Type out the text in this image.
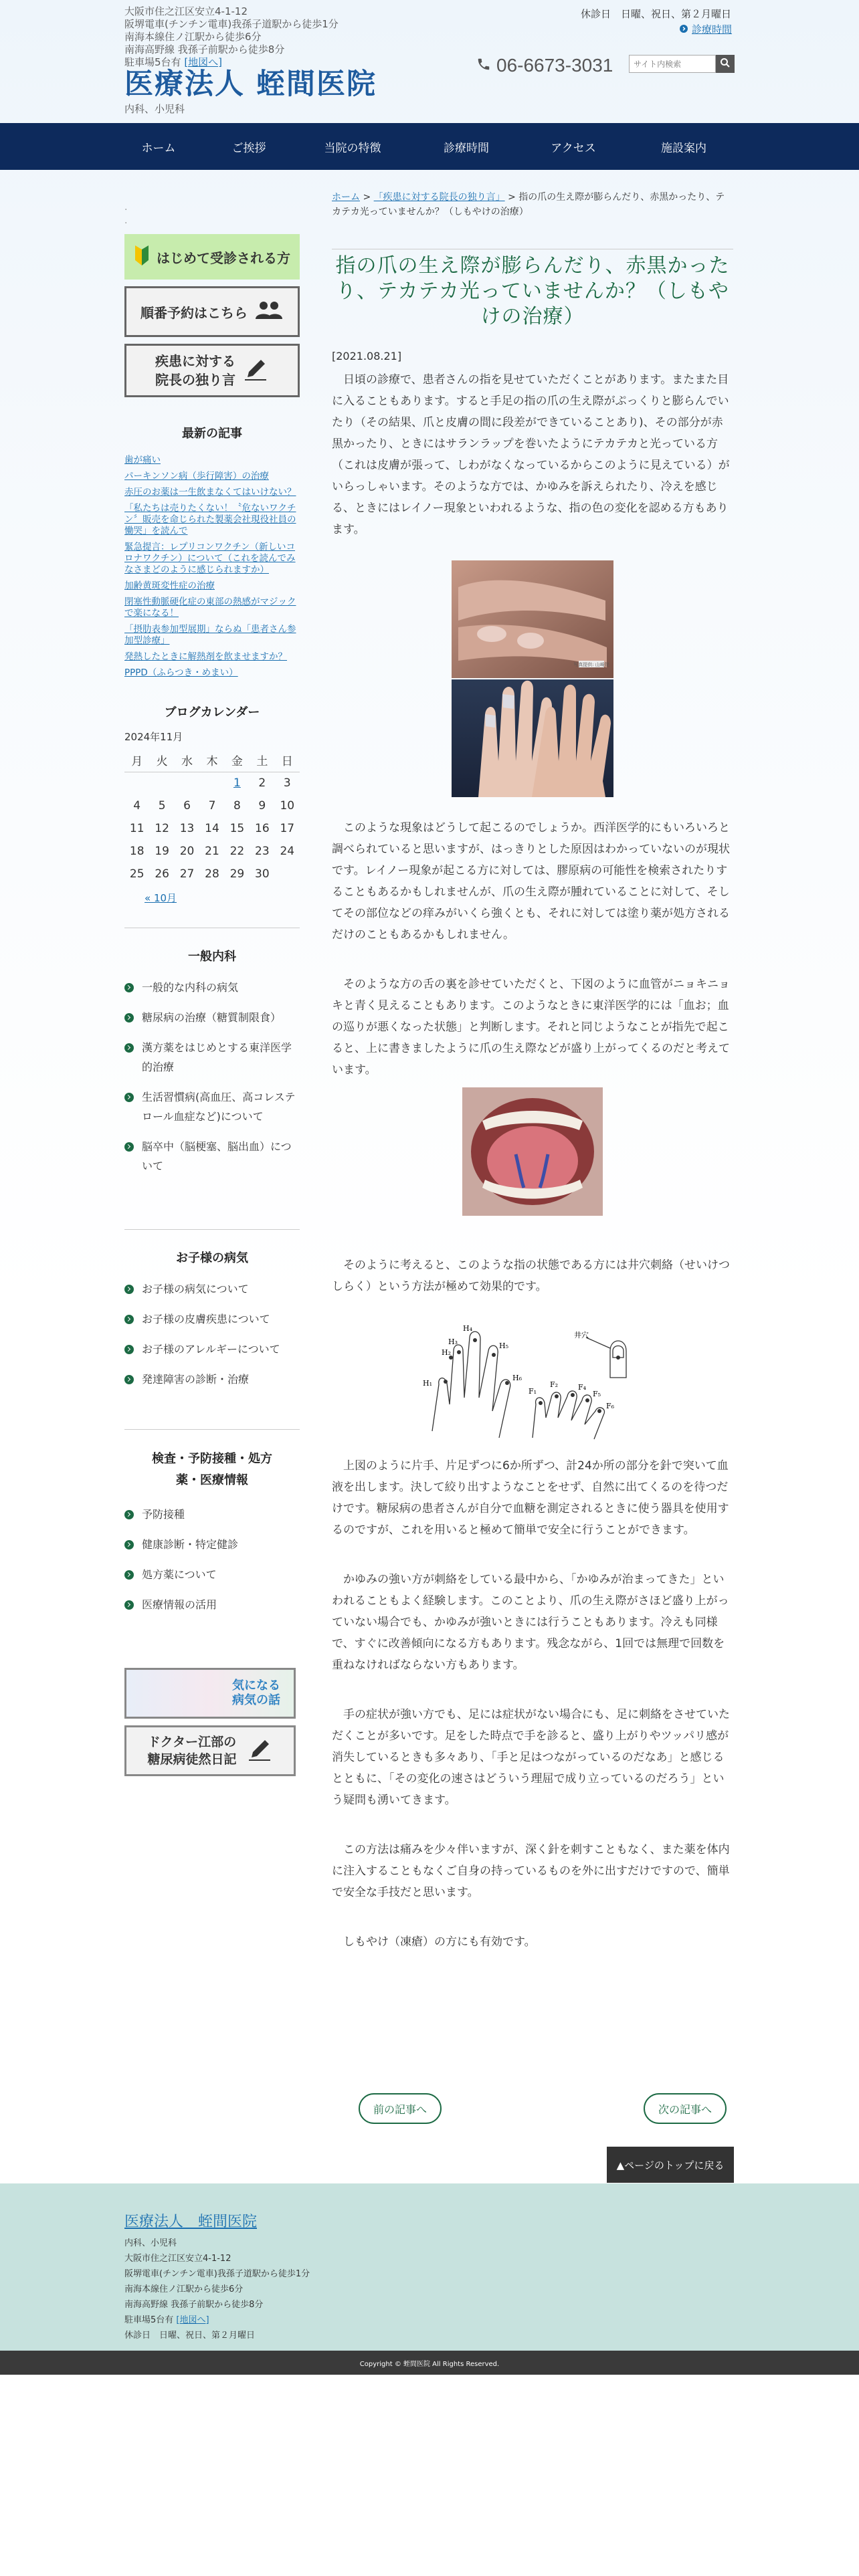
大阪市住之江区安立4-1-12
阪堺電車(チンチン電車)我孫子道駅から徒歩1分
南海本線住ノ江駅から徒歩6分
南海高野線 我孫子前駅から徒歩8分
駐車場5台有 [地図へ]
医療法人 蛭間医院
内科、小児科
休診日　日曜、祝日、第２月曜日
診療時間
06-6673-3031
サイト内検索
ホーム	ご挨拶	当院の特徴	診療時間	アクセス	施設案内
.
.
はじめて受診される方
順番予約はこちら
疾患に対する
院長の独り言
最新の記事
歯が痛い
パーキンソン病（歩行障害）の治療
赤圧のお薬は一生飲まなくてはいけない？
「私たちは売りたくない！〝危ないワクチン〞販売を命じられた製薬会社現役社員の慟哭」を読んで
緊急提言：レプリコンワクチン（新しいコロナワクチン）について（これを読んでみなさまどのように感じられますか）
加齢黄斑変性症の治療
閉塞性動脈硬化症の東部の熱感がマジックで楽になる！
「摂肋表参加型展期」ならぬ「患者さん参加型診療」
発熱したときに解熱剤を飲ませますか？
PPPD（ふらつき・めまい）
ブログカレンダー
2024年11月
月	火	水	木	金	土	日
				1	2	3
4	5	6	7	8	9	10
11	12	13	14	15	16	17
18	19	20	21	22	23	24
25	26	27	28	29	30	
« 10月
一般内科
一般的な内科の病気
糖尿病の治療（糖質制限食）
漢方薬をはじめとする東洋医学的治療
生活習慣病(高血圧、高コレステロール血症など)について
脳卒中（脳梗塞、脳出血）について
お子様の病気
お子様の病気について
お子様の皮膚疾患について
お子様のアレルギーについて
発達障害の診断・治療
検査・予防接種・処方薬・医療情報
予防接種
健康診断・特定健診
処方薬について
医療情報の活用
気になる
病気の話
ドクター江部の
糖尿病徒然日記
ホーム > 「疾患に対する院長の独り言」 > 指の爪の生え際が膨らんだり、赤黒かったり、テカテカ光っていませんか？（しもやけの治療）
指の爪の生え際が膨らんだり、赤黒かったり、テカテカ光っていませんか？（しもやけの治療）
[2021.08.21]

日頃の診療で、患者さんの指を見せていただくことがあります。またまた目に入ることもあります。すると手足の指の爪の生え際がぷっくりと膨らんでいたり（その結果、爪と皮膚の間に段差ができていることあり)、その部分が赤黒かったり、ときにはサランラップを巻いたようにテカテカと光っている方（これは皮膚が張って、しわがなくなっているからこのように見えている）がいらっしゃいます。そのような方では、かゆみを訴えられたり、冷えを感じる、ときにはレイノー現象といわれるような、指の色の変化を認める方もあります。

写真提供: 山崎院

このような現象はどうして起こるのでしょうか。西洋医学的にもいろいろと調べられていると思いますが、はっきりとした原因はわかっていないのが現状です。レイノー現象が起こる方に対しては、膠原病の可能性を検索されたりすることもあるかもしれませんが、爪の生え際が腫れていることに対して、そしてその部位などの痒みがいくら強くとも、それに対しては塗り薬が処方されるだけのこともあるかもしれません。

そのような方の舌の裏を診せていただくと、下図のように血管がニョキニョキと青く見えることもあります。このようなときに東洋医学的には「血お；血の巡りが悪くなった状態」と判断します。それと同じようなことが指先で起こると、上に書きましたように爪の生え際などが盛り上がってくるのだと考えています。

そのように考えると、このような指の状態である方には井穴刺絡（せいけつしらく）という方法が極めて効果的です。

H₁
H₂
H₃
H₄
H₅
H₆
F₁
F₂	F₄
F₅
F₆
井穴

上図のように片手、片足ずつに6か所ずつ、計24か所の部分を針で突いて血液を出します。決して絞り出すようなことをせず、自然に出てくるのを待つだけです。糖尿病の患者さんが自分で血糖を測定されるときに使う器具を使用するのですが、これを用いると極めて簡単で安全に行うことができます。

かゆみの強い方が刺絡をしている最中から、「かゆみが治まってきた」といわれることもよく経験します。このことより、爪の生え際がさほど盛り上がっていない場合でも、かゆみが強いときには行うこともあります。冷えも同様で、すぐに改善傾向になる方もあります。残念ながら、1回では無理で回数を重ねなければならない方もあります。

手の症状が強い方でも、足には症状がない場合にも、足に刺絡をさせていただくことが多いです。足をした時点で手を診ると、盛り上がりやツッパリ感が消失しているときも多々あり、「手と足はつながっているのだなあ」と感じるとともに、「その変化の速さはどういう理屈で成り立っているのだろう」という疑問も湧いてきます。

この方法は痛みを少々伴いますが、深く針を刺すこともなく、また薬を体内に注入することもなくご自身の持っているものを外に出すだけですので、簡単で安全な手技だと思います。

しもやけ（凍瘡）の方にも有効です。

前の記事へ	次の記事へ
▲ページのトップに戻る
医療法人　蛭間医院
内科、小児科
大阪市住之江区安立4-1-12
阪堺電車(チンチン電車)我孫子道駅から徒歩1分
南海本線住ノ江駅から徒歩6分
南海高野線 我孫子前駅から徒歩8分
駐車場5台有 [地図へ]
休診日　日曜、祝日、第２月曜日
Copyright © 蛭間医院 All Rights Reserved.
